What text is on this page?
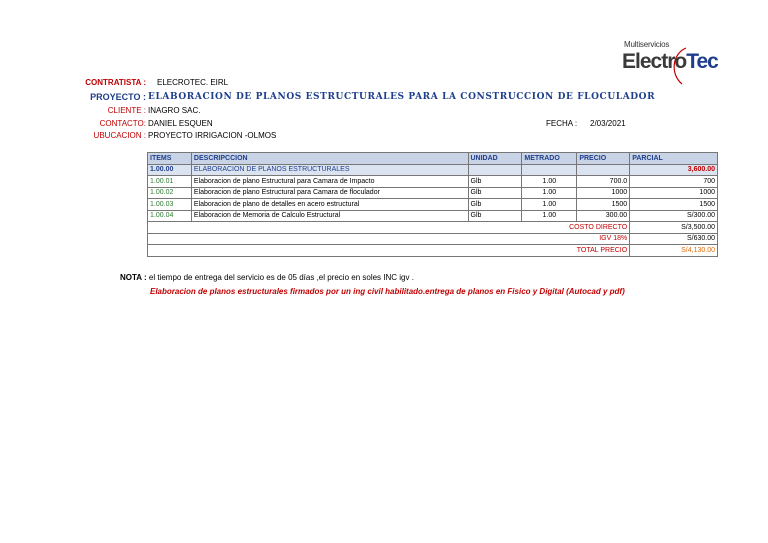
Multiservicios
ElectroTec
CONTRATISTA : ELECROTEC. EIRL
PROYECTO : ELABORACION DE PLANOS ESTRUCTURALES PARA LA CONSTRUCCION DE FLOCULADOR
CLIENTE : INAGRO SAC.
CONTACTO: DANIEL ESQUEN	FECHA : 2/03/2021
UBUCACION : PROYECTO IRRIGACION -OLMOS
ITEMS	DESCRIPCCION	UNIDAD	METRADO	PRECIO	PARCIAL
1.00.00	ELABORACION DE PLANOS ESTRUCTURALES				3,600.00
1.00.01	Elaboracion de plano Estructural para Camara de Impacto	Glb	1.00	700.0	700
1.00.02	Elaboracion de plano Estructural para Camara de floculador	Glb	1.00	1000	1000
1.00.03	Elaboracion de plano de detalles en acero estructural	Glb	1.00	1500	1500
1.00.04	Elaboracion de Memoria de Calculo Estructural	Glb	1.00	300.00	S/300.00
COSTO DIRECTO					S/3,500.00
IGV 18%					S/630.00
TOTAL PRECIO					S/4,130.00
NOTA : el tiempo de entrega del servicio es de 05 días ,el precio en soles INC igv .
Elaboracion de planos estructurales firmados por un ing civil habilitado.entrega de planos en Fisico y Digital (Autocad y pdf)
